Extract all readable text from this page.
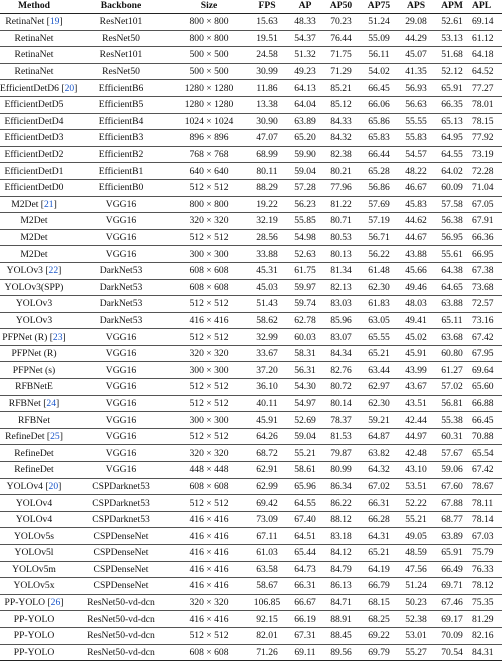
Method	Backbone	Size	FPS	AP	AP50	AP75	APS	APM	APL
RetinaNet [19]	ResNet101	800 × 800	15.63	48.33	70.23	51.24	29.08	52.61	69.14
RetinaNet	ResNet50	800 × 800	19.51	54.37	76.44	55.09	44.29	53.13	61.12
RetinaNet	ResNet101	500 × 500	24.58	51.32	71.75	56.11	45.07	51.68	64.18
RetinaNet	ResNet50	500 × 500	30.99	49.23	71.29	54.02	41.35	52.12	64.52
EfficientDetD6 [20]	EfficientB6	1280 × 1280	11.86	64.13	85.21	66.45	56.93	65.91	77.27
EfficientDetD5	EfficientB5	1280 × 1280	13.38	64.04	85.12	66.06	56.63	66.35	78.01
EfficientDetD4	EfficientB4	1024 × 1024	30.90	63.89	84.33	65.86	55.55	65.13	78.15
EfficientDetD3	EfficientB3	896 × 896	47.07	65.20	84.32	65.83	55.83	64.95	77.92
EfficientDetD2	EfficientB2	768 × 768	68.99	59.90	82.38	66.44	54.57	64.55	73.19
EfficientDetD1	EfficientB1	640 × 640	80.11	59.04	80.21	65.28	48.22	64.02	72.28
EfficientDetD0	EfficientB0	512 × 512	88.29	57.28	77.96	56.86	46.67	60.09	71.04
M2Det [21]	VGG16	800 × 800	19.22	56.23	81.22	57.69	45.83	57.58	67.05
M2Det	VGG16	320 × 320	32.19	55.85	80.71	57.19	44.62	56.38	67.91
M2Det	VGG16	512 × 512	28.56	54.98	80.53	56.71	44.67	56.95	66.36
M2Det	VGG16	300 × 300	33.88	52.63	80.13	56.22	43.88	55.61	66.95
YOLOv3 [22]	DarkNet53	608 × 608	45.31	61.75	81.34	61.48	45.66	64.38	67.38
YOLOv3(SPP)	DarkNet53	608 × 608	45.03	59.97	82.13	62.30	49.46	64.65	73.68
YOLOv3	DarkNet53	512 × 512	51.43	59.74	83.03	61.83	48.03	63.88	72.57
YOLOv3	DarkNet53	416 × 416	58.62	62.78	85.96	63.05	49.41	65.11	73.16
PFPNet (R) [23]	VGG16	512 × 512	32.99	60.03	83.07	65.55	45.02	63.68	67.42
PFPNet (R)	VGG16	320 × 320	33.67	58.31	84.34	65.21	45.91	60.80	67.95
PFPNet (s)	VGG16	300 × 300	37.20	56.31	82.76	63.44	43.99	61.27	69.64
RFBNetE	VGG16	512 × 512	36.10	54.30	80.72	62.97	43.67	57.02	65.60
RFBNet [24]	VGG16	512 × 512	40.11	54.97	80.14	62.30	43.51	56.81	66.88
RFBNet	VGG16	300 × 300	45.91	52.69	78.37	59.21	42.44	55.38	66.45
RefineDet [25]	VGG16	512 × 512	64.26	59.04	81.53	64.87	44.97	60.31	70.88
RefineDet	VGG16	320 × 320	68.72	55.21	79.87	63.82	42.48	57.67	65.54
RefineDet	VGG16	448 × 448	62.91	58.61	80.99	64.32	43.10	59.06	67.42
YOLOv4 [20]	CSPDarknet53	608 × 608	62.99	65.96	86.34	67.02	53.51	67.60	78.67
YOLOv4	CSPDarknet53	512 × 512	69.42	64.55	86.22	66.31	52.22	67.88	78.11
YOLOv4	CSPDarknet53	416 × 416	73.09	67.40	88.12	66.28	55.21	68.77	78.14
YOLOv5s	CSPDenseNet	416 × 416	67.11	64.51	83.18	64.31	49.05	63.89	67.03
YOLOv5l	CSPDenseNet	416 × 416	61.03	65.44	84.12	65.21	48.59	65.91	75.79
YOLOv5m	CSPDenseNet	416 × 416	63.58	64.73	84.79	64.19	47.56	66.49	76.33
YOLOv5x	CSPDenseNet	416 × 416	58.67	66.31	86.13	66.79	51.24	69.71	78.12
PP-YOLO [26]	ResNet50-vd-dcn	320 × 320	106.85	66.67	84.71	68.15	50.23	67.46	75.35
PP-YOLO	ResNet50-vd-dcn	416 × 416	92.15	66.19	88.91	68.25	52.38	69.17	81.29
PP-YOLO	ResNet50-vd-dcn	512 × 512	82.01	67.31	88.45	69.22	53.01	70.09	82.16
PP-YOLO	ResNet50-vd-dcn	608 × 608	71.26	69.11	89.56	69.79	55.27	70.54	84.31
